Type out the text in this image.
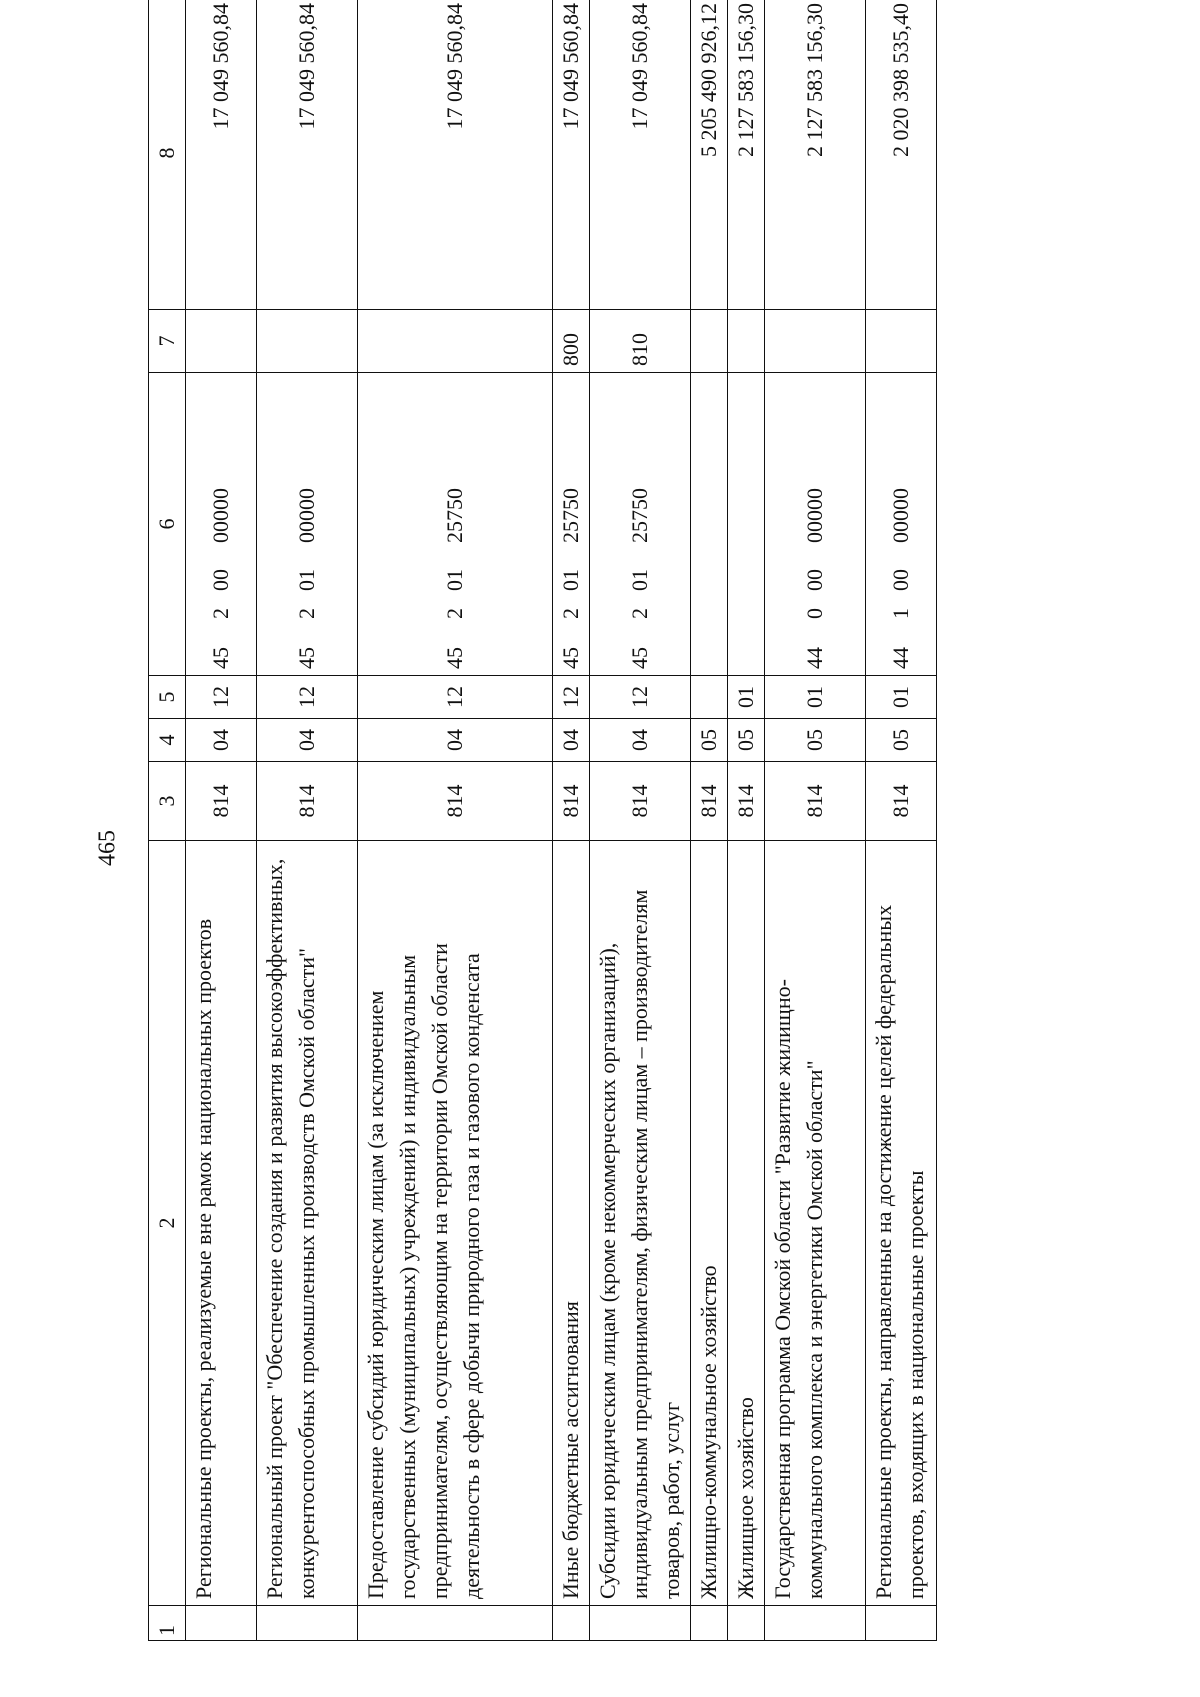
465
1	2	3	4	5	6	7	8
	Региональные проекты, реализуемые вне рамок национальных проектов	814	04	12	4520000000		17 049 560,84
	Региональный проект "Обеспечение создания и развития высокоэффективных, конкурентоспособных промышленных производств Омской области"	814	04	12	4520100000		17 049 560,84
	Предоставление субсидий юридическим лицам (за исключением государственных (муниципальных) учреждений) и индивидуальным предпринимателям, осуществляющим на территории Омской области деятельность в сфере добычи природного газа и газового конденсата	814	04	12	4520125750		17 049 560,84
	Иные бюджетные ассигнования	814	04	12	4520125750	800	17 049 560,84
	Субсидии юридическим лицам (кроме некоммерческих организаций), индивидуальным предпринимателям, физическим лицам – производителям товаров, работ, услуг	814	04	12	4520125750	810	17 049 560,84
	Жилищно-коммунальное хозяйство	814	05				5 205 490 926,12
	Жилищное хозяйство	814	05	01			2 127 583 156,30
	Государственная программа Омской области "Развитие жилищно-коммунального комплекса и энергетики Омской области"	814	05	01	4400000000		2 127 583 156,30
	Региональные проекты, направленные на достижение целей федеральных проектов, входящих в национальные проекты	814	05	01	4410000000		2 020 398 535,40
